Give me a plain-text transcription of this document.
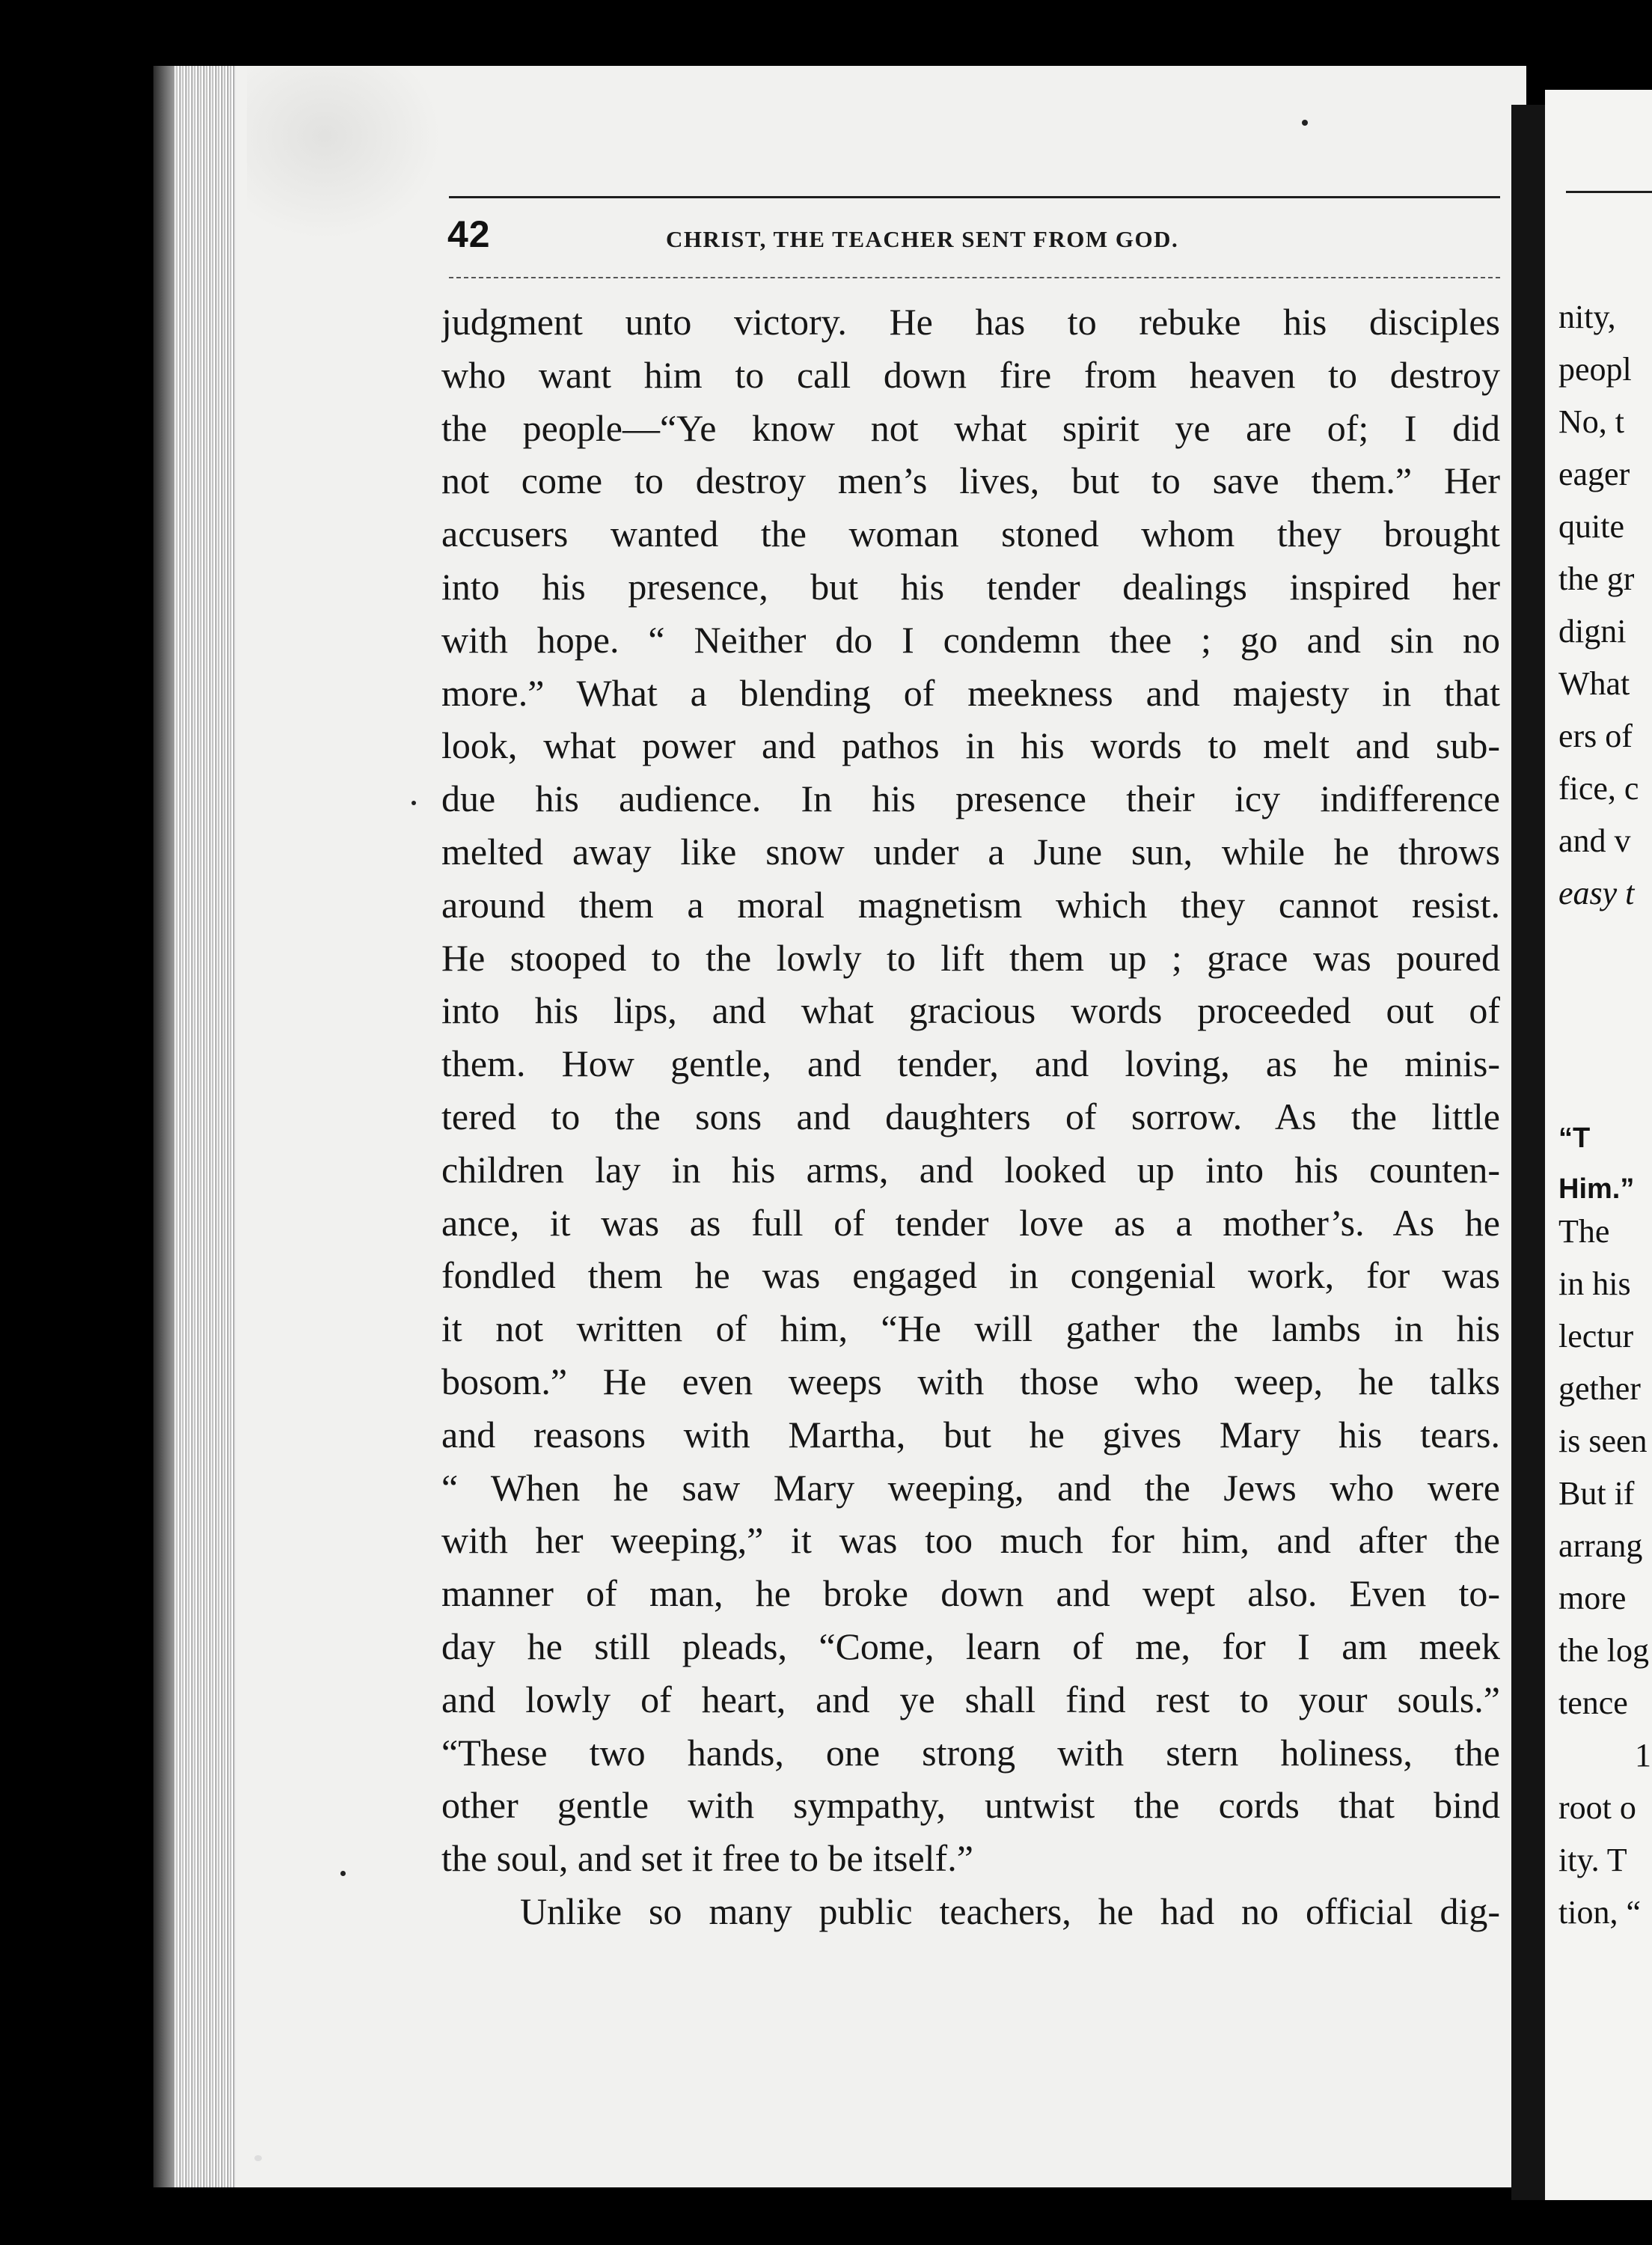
42	CHRIST, THE TEACHER SENT FROM GOD.
judgment unto victory. He has to rebuke his disciples
who want him to call down fire from heaven to destroy
the people—“Ye know not what spirit ye are of; I did
not come to destroy men’s lives, but to save them.” Her
accusers wanted the woman stoned whom they brought
into his presence, but his tender dealings inspired her
with hope. “ Neither do I condemn thee ; go and sin no
more.” What a blending of meekness and majesty in that
look, what power and pathos in his words to melt and sub-
due his audience. In his presence their icy indifference
melted away like snow under a June sun, while he throws
around them a moral magnetism which they cannot resist.
He stooped to the lowly to lift them up ; grace was poured
into his lips, and what gracious words proceeded out of
them. How gentle, and tender, and loving, as he minis-
tered to the sons and daughters of sorrow. As the little
children lay in his arms, and looked up into his counten-
ance, it was as full of tender love as a mother’s. As he
fondled them he was engaged in congenial work, for was
it not written of him, “He will gather the lambs in his
bosom.” He even weeps with those who weep, he talks
and reasons with Martha, but he gives Mary his tears.
“ When he saw Mary weeping, and the Jews who were
with her weeping,” it was too much for him, and after the
manner of man, he broke down and wept also. Even to-
day he still pleads, “Come, learn of me, for I am meek
and lowly of heart, and ye shall find rest to your souls.”
“These two hands, one strong with stern holiness, the
other gentle with sympathy, untwist the cords that bind
the soul, and set it free to be itself.”
Unlike so many public teachers, he had no official dig-
nity,
peopl
No, t
eager
quite
the gr
digni
What
ers of
fice, c
and v
easy t
“T
Him.”
The
in his
lectur
gether
is seen
But if
arrang
more
the log
tence
1
root o
ity. T
tion, “
